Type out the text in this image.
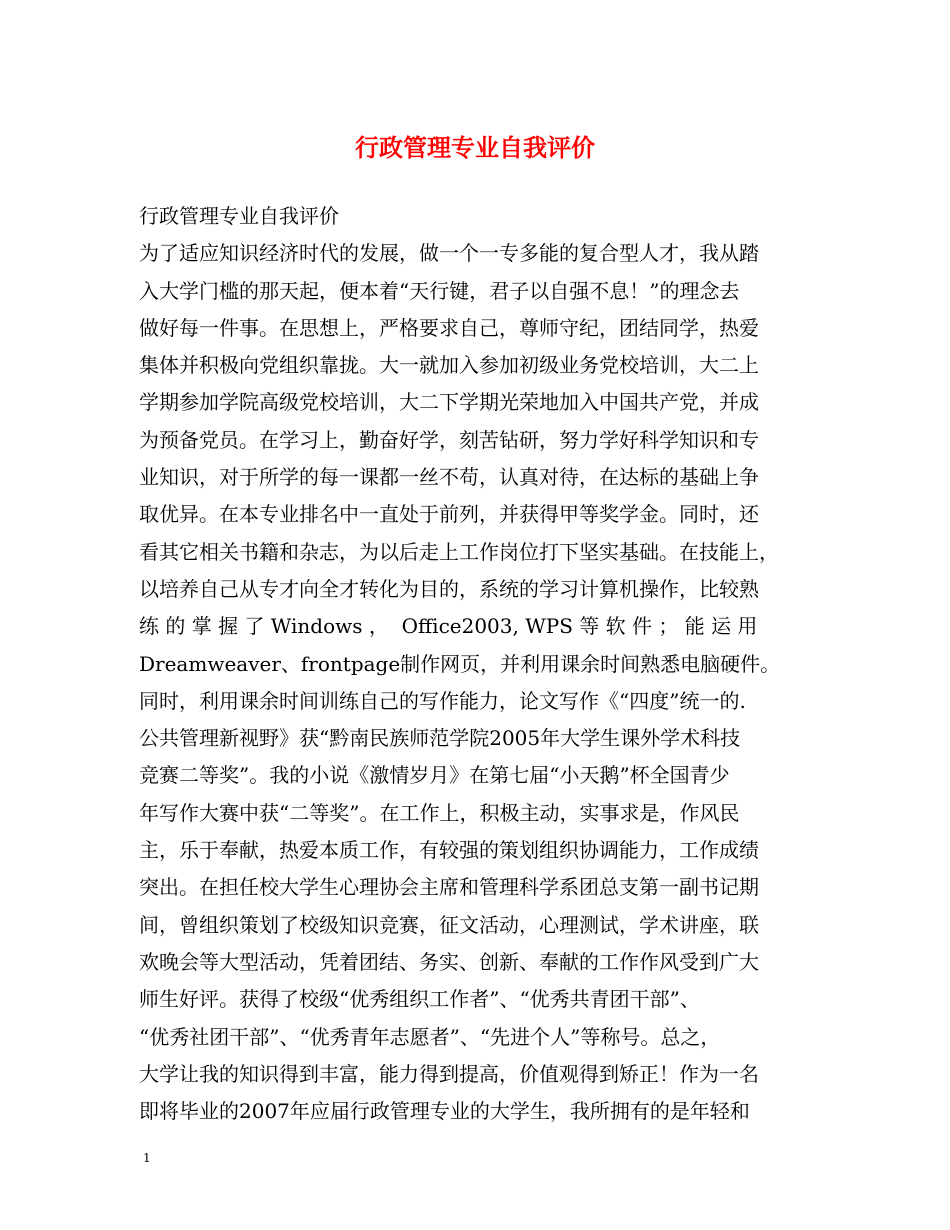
行政管理专业自我评价
行政管理专业自我评价
为了适应知识经济时代的发展，做一个一专多能的复合型人才，我从踏
入大学门槛的那天起，便本着“天行键，君子以自强不息！”的理念去
做好每一件事。在思想上，严格要求自己，尊师守纪，团结同学，热爱
集体并积极向党组织靠拢。大一就加入参加初级业务党校培训，大二上
学期参加学院高级党校培训，大二下学期光荣地加入中国共产党，并成
为预备党员。在学习上，勤奋好学，刻苦钻研，努力学好科学知识和专
业知识，对于所学的每一课都一丝不苟，认真对待，在达标的基础上争
取优异。在本专业排名中一直处于前列，并获得甲等奖学金。同时，还
看其它相关书籍和杂志，为以后走上工作岗位打下坚实基础。在技能上，
以培养自己从专才向全才转化为目的，系统的学习计算机操作，比较熟
练 的 掌 握 了 Windows ，  Office2003, WPS 等 软 件 ； 能 运 用
Dreamweaver、frontpage制作网页，并利用课余时间熟悉电脑硬件。
同时，利用课余时间训练自己的写作能力，论文写作《“四度”统一的.
公共管理新视野》获“黔南民族师范学院2005年大学生课外学术科技
竞赛二等奖”。我的小说《激情岁月》在第七届“小天鹅”杯全国青少
年写作大赛中获“二等奖”。在工作上，积极主动，实事求是，作风民
主，乐于奉献，热爱本质工作，有较强的策划组织协调能力，工作成绩
突出。在担任校大学生心理协会主席和管理科学系团总支第一副书记期
间，曾组织策划了校级知识竞赛，征文活动，心理测试，学术讲座，联
欢晚会等大型活动，凭着团结、务实、创新、奉献的工作作风受到广大
师生好评。获得了校级“优秀组织工作者”、“优秀共青团干部”、
“优秀社团干部”、“优秀青年志愿者”、“先进个人”等称号。总之，
大学让我的知识得到丰富，能力得到提高，价值观得到矫正！作为一名
即将毕业的2007年应届行政管理专业的大学生，我所拥有的是年轻和
1
